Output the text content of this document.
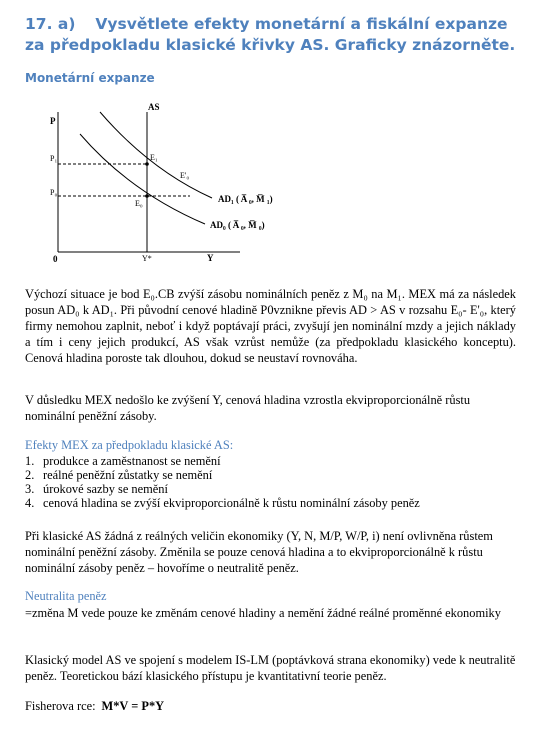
17. a) Vysvětlete efekty monetární a fiskální expanze za předpokladu klasické křivky AS. Graficky znázorněte.
Monetární expanze
P
AS
P₁
P₀
E₁
E'₀
E₀
0	Y*	Y
AD₁ ( A̅ ₀, M̅ ₁)
AD₀ ( A̅ ₀, M̅ ₀)
Výchozí situace je bod E₀.CB zvýší zásobu nominálních peněz z M₀ na M₁. MEX má za následek posun AD₀ k AD₁. Při původní cenové hladině P0vznikne převis AD > AS v rozsahu E₀- E'₀, který firmy nemohou zaplnit, neboť i když poptávají práci, zvyšují jen nominální mzdy a jejich náklady a tím i ceny jejich produkcí, AS však vzrůst nemůže (za předpokladu klasického konceptu). Cenová hladina poroste tak dlouhou, dokud se neustaví rovnováha.
V důsledku MEX nedošlo ke zvýšení Y, cenová hladina vzrostla ekviproporcionálně růstu nominální peněžní zásoby.
Efekty MEX za předpokladu klasické AS:
1. produkce a zaměstnanost se nemění
2. reálné peněžní zůstatky se nemění
3. úrokové sazby se nemění
4. cenová hladina se zvýší ekviproporcionálně k růstu nominální zásoby peněz
Při klasické AS žádná z reálných veličin ekonomiky (Y, N, M/P, W/P, i) není ovlivněna růstem nominální peněžní zásoby. Změnila se pouze cenová hladina a to ekviproporcionálně k růstu nominální zásoby peněz – hovoříme o neutralitě peněz.
Neutralita peněz
=změna M vede pouze ke změnám cenové hladiny a nemění žádné reálné proměnné ekonomiky
Klasický model AS ve spojení s modelem IS-LM (poptávková strana ekonomiky) vede k neutralitě peněz. Teoretickou bází klasického přístupu je kvantitativní teorie peněz.
Fisherova rce: M*V = P*Y
